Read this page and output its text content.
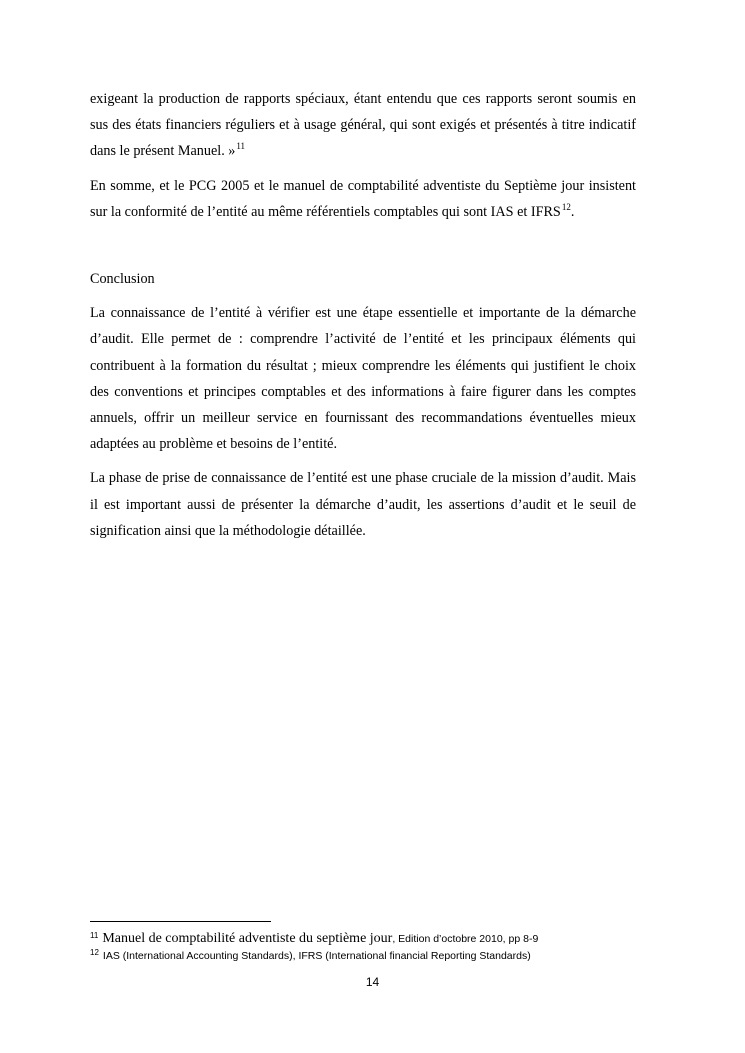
exigeant la production de rapports spéciaux, étant entendu que ces rapports seront soumis en sus des états financiers réguliers et à usage général, qui sont exigés et présentés à titre indicatif dans le présent Manuel. »$^{11}$

En somme, et le PCG 2005 et le manuel de comptabilité adventiste du Septième jour insistent sur la conformité de l’entité au même référentiels comptables qui sont IAS et IFRS$^{12}$.

Conclusion

La connaissance de l’entité à vérifier est une étape essentielle et importante de la démarche d’audit. Elle permet de : comprendre l’activité de l’entité et les principaux éléments qui contribuent à la formation du résultat ; mieux comprendre les éléments qui justifient le choix des conventions et principes comptables et des informations à faire figurer dans les comptes annuels, offrir un meilleur service en fournissant des recommandations éventuelles mieux adaptées au problème et besoins de l’entité.

La phase de prise de connaissance de l’entité est une phase cruciale de la mission d’audit. Mais il est important aussi de présenter la démarche d’audit, les assertions d’audit et le seuil de signification ainsi que la méthodologie détaillée.

$^{11}$ Manuel de comptabilité adventiste du septième jour, Edition d’octobre 2010, pp 8-9

$^{12}$ IAS (International Accounting Standards), IFRS (International financial Reporting Standards)

14
